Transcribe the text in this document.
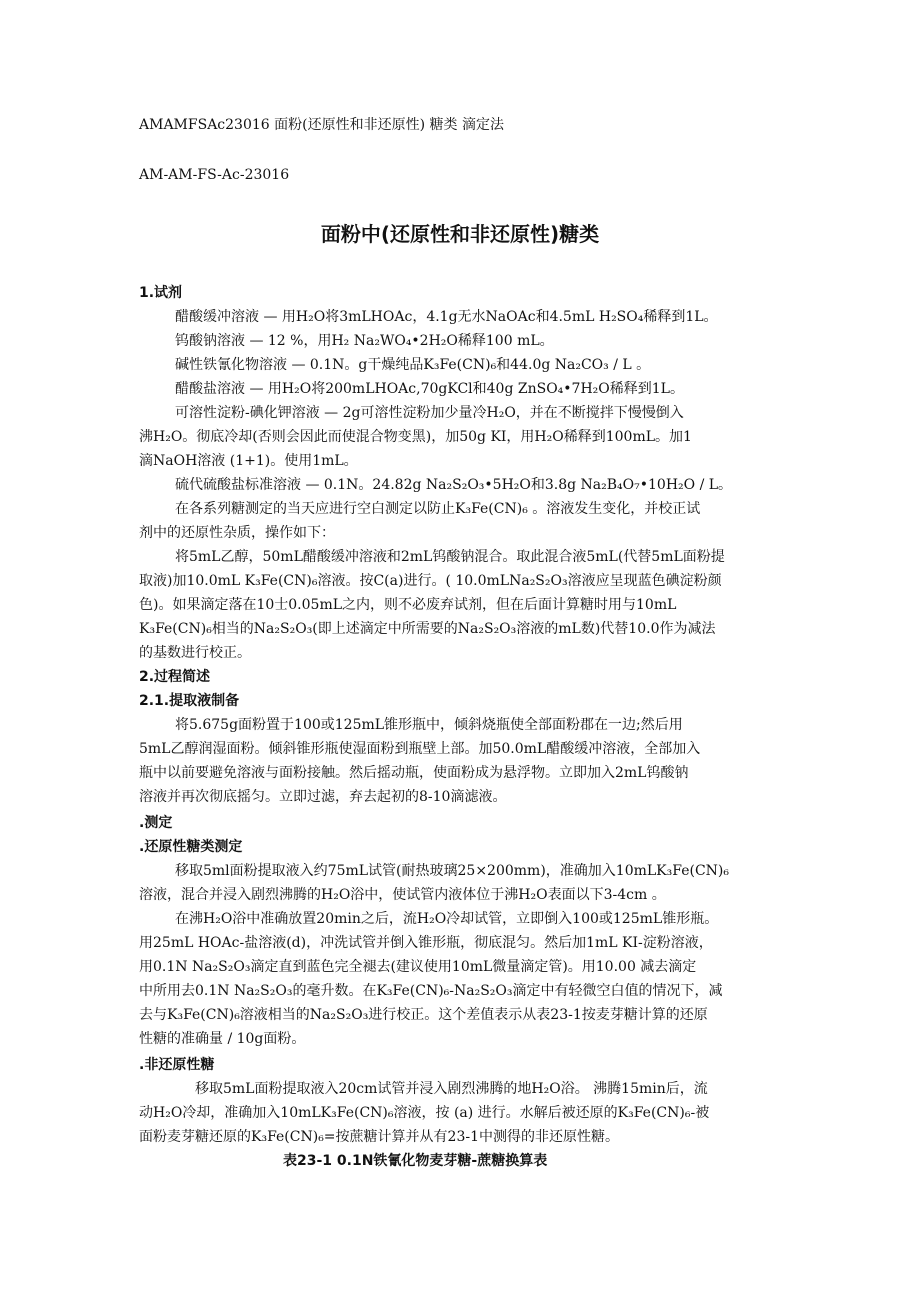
AMAMFSAc23016 面粉(还原性和非还原性) 糖类 滴定法
AM-AM-FS-Ac-23016
面粉中(还原性和非还原性)糖类
1.试剂
醋酸缓冲溶液 — 用H₂O将3mLHOAc，4.1g无水NaOAc和4.5mL H₂SO₄稀释到1L。
钨酸钠溶液 — 12 %，用H₂ Na₂WO₄•2H₂O稀释100 mL。
碱性铁氰化物溶液 — 0.1N。g干燥纯品K₃Fe(CN)₆和44.0g Na₂CO₃ / L 。
醋酸盐溶液 — 用H₂O将200mLHOAc,70gKCl和40g ZnSO₄•7H₂O稀释到1L。
可溶性淀粉-碘化钾溶液 — 2g可溶性淀粉加少量冷H₂O，并在不断搅拌下慢慢倒入
沸H₂O。彻底冷却(否则会因此而使混合物变黑)，加50g KI，用H₂O稀释到100mL。加1
滴NaOH溶液 (1+1)。使用1mL。
硫代硫酸盐标准溶液 — 0.1N。24.82g Na₂S₂O₃•5H₂O和3.8g Na₂B₄O₇•10H₂O / L。
在各系列糖测定的当天应进行空白测定以防止K₃Fe(CN)₆ 。溶液发生变化，并校正试
剂中的还原性杂质，操作如下：
将5mL乙醇，50mL醋酸缓冲溶液和2mL钨酸钠混合。取此混合液5mL(代替5mL面粉提
取液)加10.0mL K₃Fe(CN)₆溶液。按C(a)进行。( 10.0mLNa₂S₂O₃溶液应呈现蓝色碘淀粉颜
色)。如果滴定落在10士0.05mL之内，则不必废弃试剂，但在后面计算糖时用与10mL
K₃Fe(CN)₆相当的Na₂S₂O₃(即上述滴定中所需要的Na₂S₂O₃溶液的mL数)代替10.0作为减法
的基数进行校正。
2.过程简述
2.1.提取液制备
将5.675g面粉置于100或125mL锥形瓶中，倾斜烧瓶使全部面粉郡在一边;然后用
5mL乙醇润湿面粉。倾斜锥形瓶使湿面粉到瓶壁上部。加50.0mL醋酸缓冲溶液，全部加入
瓶中以前要避免溶液与面粉接触。然后摇动瓶，使面粉成为悬浮物。立即加入2mL钨酸钠
溶液并再次彻底摇匀。立即过滤，弃去起初的8-10滴滤液。
.测定
.还原性糖类测定
移取5ml面粉提取液入约75mL试管(耐热玻璃25×200mm)，准确加入10mLK₃Fe(CN)₆
溶液，混合并浸入剧烈沸腾的H₂O浴中，使试管内液体位于沸H₂O表面以下3-4cm 。
在沸H₂O浴中准确放置20min之后，流H₂O冷却试管，立即倒入100或125mL锥形瓶。
用25mL HOAc-盐溶液(d)，冲洗试管并倒入锥形瓶，彻底混匀。然后加1mL KI-淀粉溶液，
用0.1N Na₂S₂O₃滴定直到蓝色完全褪去(建议使用10mL微量滴定管)。用10.00 减去滴定
中所用去0.1N Na₂S₂O₃的毫升数。在K₃Fe(CN)₆-Na₂S₂O₃滴定中有轻微空白值的情况下，减
去与K₃Fe(CN)₆溶液相当的Na₂S₂O₃进行校正。这个差值表示从表23-1按麦芽糖计算的还原
性糖的准确量 / 10g面粉。
.非还原性糖
移取5mL面粉提取液入20cm试管并浸入剧烈沸腾的地H₂O浴。 沸腾15min后，流
动H₂O冷却，准确加入10mLK₃Fe(CN)₆溶液，按 (a) 进行。水解后被还原的K₃Fe(CN)₆-被
面粉麦芽糖还原的K₃Fe(CN)₆=按蔗糖计算并从有23-1中测得的非还原性糖。
表23-1 0.1N铁氰化物麦芽糖-蔗糖换算表
